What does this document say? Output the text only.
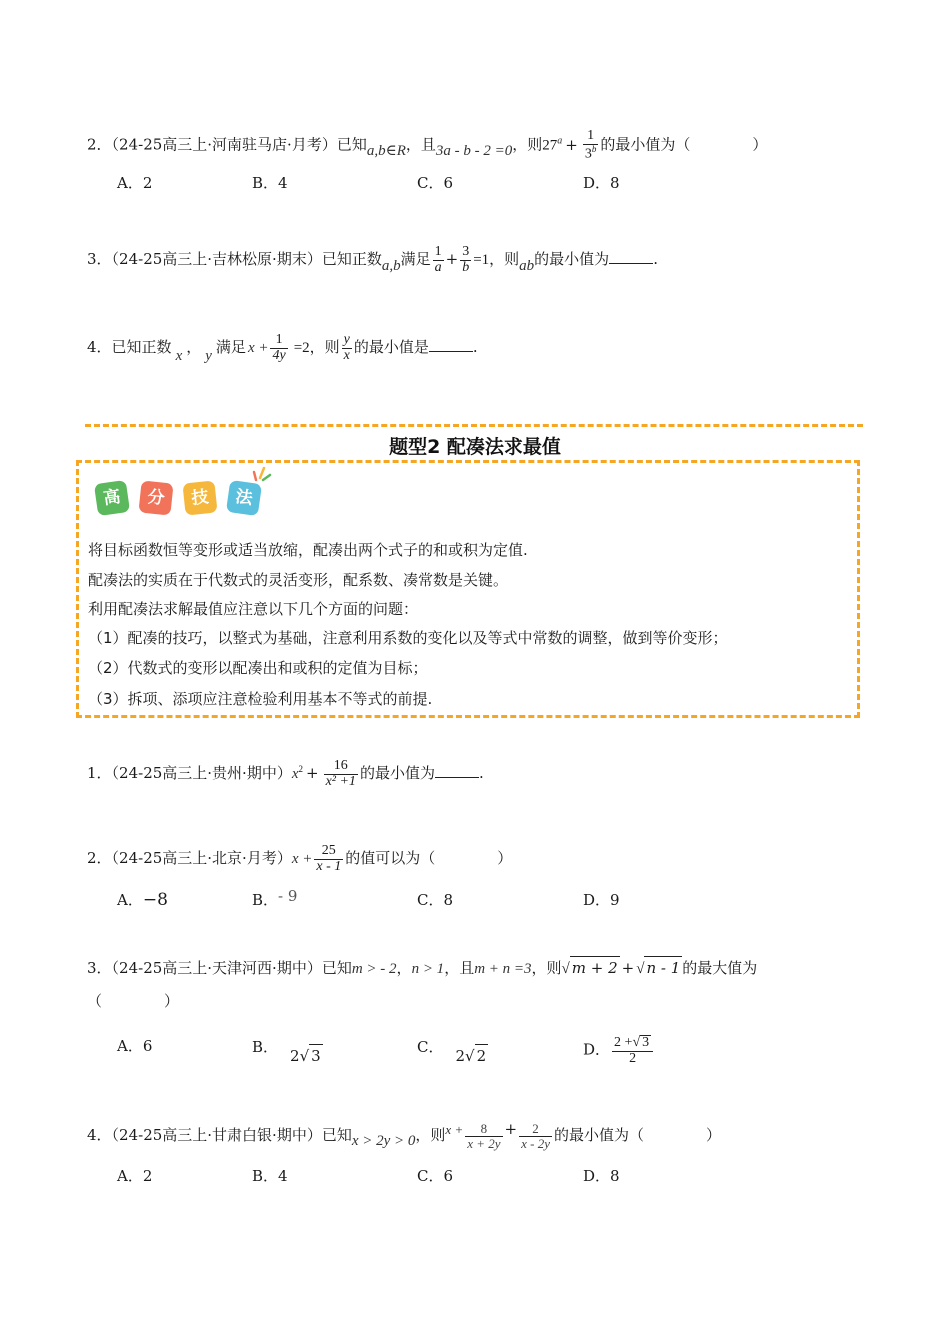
2．（24-25高三上·河南驻马店·月考）已知a,b∈R，且3a - b - 2 =0，则$27^a + \frac{1}{3^b}$ 的最小值为（	）
A．2	B．4	C．6	D．8
3．（24-25高三上·吉林松原·期末）已知正数a,b满足 $\frac{1}{a} + \frac{3}{b} =1$，则ab的最小值为	.
4．已知正数 x ， y 满足 $x + \frac{1}{4y} =2$，则 $\frac{y}{x}$ 的最小值是	.
题型2 配凑法求最值
高	分	技	法
将目标函数恒等变形或适当放缩，配凑出两个式子的和或积为定值.
配凑法的实质在于代数式的灵活变形，配系数、凑常数是关键。
利用配凑法求解最值应注意以下几个方面的问题：
（1）配凑的技巧，以整式为基础，注意利用系数的变化以及等式中常数的调整，做到等价变形；
（2）代数式的变形以配凑出和或积的定值为目标；
（3）拆项、添项应注意检验利用基本不等式的前提.
1．（24-25高三上·贵州·期中）$x^2 + \frac{16}{\text{x² +1}}$ 的最小值为	.
2．（24-25高三上·北京·月考）$x + \frac{25}{x - 1}$ 的值可以为（	）
A．−8	B．- 9	C．8	D．9
3．（24-25高三上·天津河西·期中）已知m > - 2，n > 1，且m + n =3，则√ m + 2 + √ n - 1 的最大值为
（	）
A．6	B． 2√ 3	C． 2√ 2	D． $\frac{2 +√ 3}{2}$
4．（24-25高三上·甘肃白银·期中）已知x > 2y > 0，则$x + \frac{8}{x + 2y} + \frac{2}{x - 2y}$ 的最小值为（	）
A．2	B．4	C．6	D．8
